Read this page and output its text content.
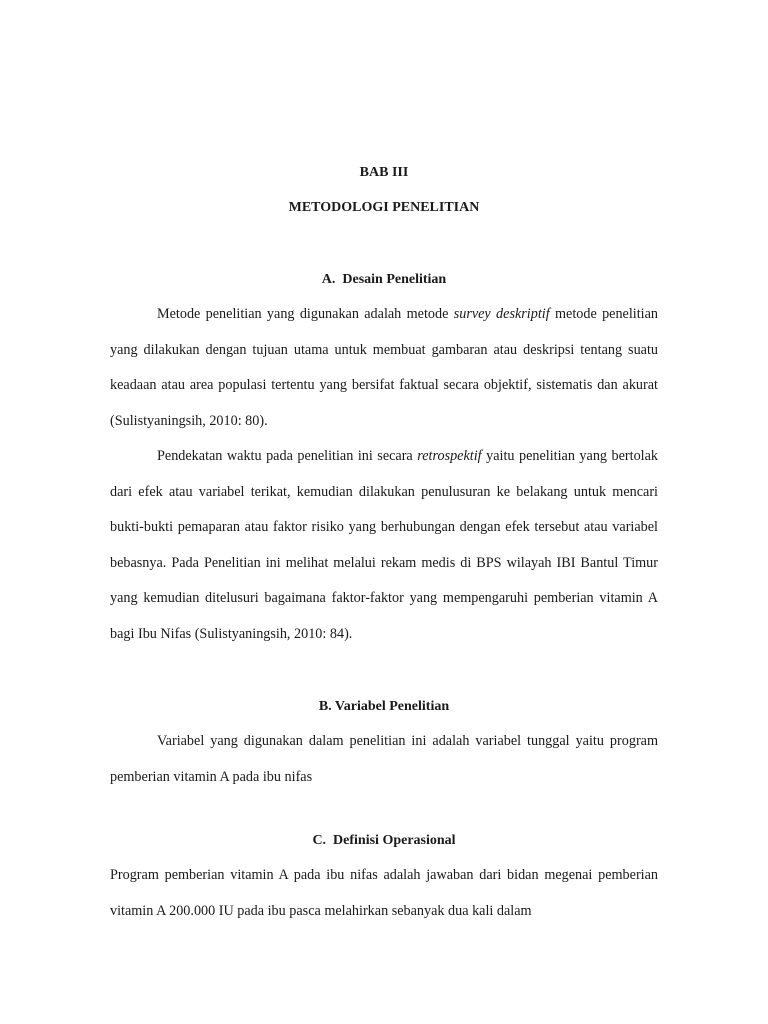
BAB III
METODOLOGI PENELITIAN
A.  Desain Penelitian

Metode penelitian yang digunakan adalah metode survey deskriptif metode penelitian yang dilakukan dengan tujuan utama untuk membuat gambaran atau deskripsi tentang suatu keadaan atau area populasi tertentu yang bersifat faktual secara objektif, sistematis dan akurat (Sulistyaningsih, 2010: 80).

Pendekatan waktu pada penelitian ini secara retrospektif yaitu penelitian yang bertolak dari efek atau variabel terikat, kemudian dilakukan penulusuran ke belakang untuk mencari bukti-bukti pemaparan atau faktor risiko yang berhubungan dengan efek tersebut atau variabel bebasnya. Pada Penelitian ini melihat melalui rekam medis di BPS wilayah IBI Bantul Timur yang kemudian ditelusuri bagaimana faktor-faktor yang mempengaruhi pemberian vitamin A bagi Ibu Nifas (Sulistyaningsih, 2010: 84).

B. Variabel Penelitian

Variabel yang digunakan dalam penelitian ini adalah variabel tunggal yaitu program pemberian vitamin A pada ibu nifas

C.  Definisi Operasional

Program pemberian vitamin A pada ibu nifas adalah jawaban dari bidan megenai pemberian vitamin A 200.000 IU pada ibu pasca melahirkan sebanyak dua kali dalam
